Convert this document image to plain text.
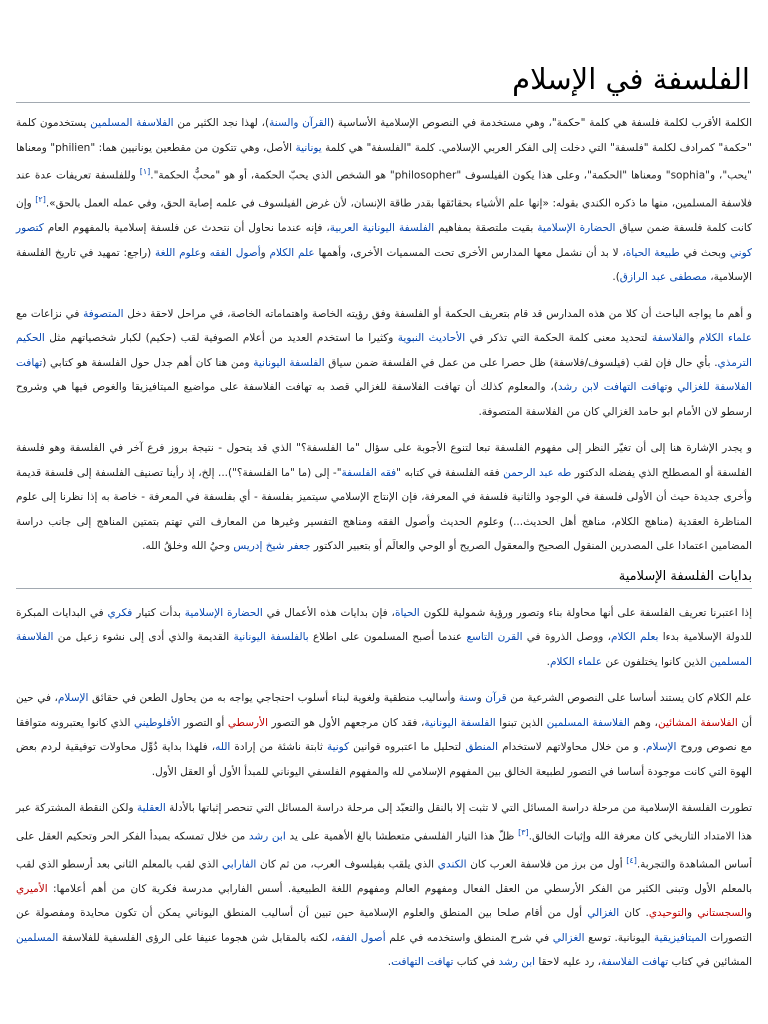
الفلسفة في الإسلام

الكلمة الأقرب لكلمة فلسفة هي كلمة "حكمة"، وهي مستخدمة في النصوص الإسلامية الأساسية (القرآن والسنة)، لهذا نجد الكثير من الفلاسفة المسلمين يستخدمون كلمة "حكمة" كمرادف لكلمة "فلسفة" التي دخلت إلى الفكر العربي الإسلامي. كلمة "الفلسفة" هي كلمة يونانية الأصل، وهي تتكون من مقطعين يونانيين هما: "philien" ومعناها "يحب"، و"sophia" ومعناها "الحكمة"، وعلى هذا يكون الفيلسوف "philosopher" هو الشخص الذي يحبّ الحكمة، أو هو "محبُّ الحكمة".[١] وللفلسفة تعريفات عدة عند فلاسفة المسلمين، منها ما ذكره الكندي بقوله: «إنها علم الأشياء بحقائقها بقدر طاقة الإنسان، لأن غرض الفيلسوف في علمه إصابة الحق، وفي عمله العمل بالحق».[٢] وإن كانت كلمة فلسفة ضمن سياق الحضارة الإسلامية بقيت ملتصقة بمفاهيم الفلسفة اليونانية العربية، فإنه عندما نحاول أن نتحدث عن فلسفة إسلامية بالمفهوم العام كتصور كوني وبحث في طبيعة الحياة، لا بد أن نشمل معها المدارس الأخرى تحت المسميات الأخرى، وأهمها علم الكلام وأصول الفقه وعلوم اللغة (راجع: تمهيد في تاريخ الفلسفة الإسلامية، مصطفى عبد الرازق).

و أهم ما يواجه الباحث أن كلا من هذه المدارس قد قام بتعريف الحكمة أو الفلسفة وفق رؤيته الخاصة واهتماماته الخاصة، في مراحل لاحقة دخل المتصوفة في نزاعات مع علماء الكلام والفلاسفة لتحديد معنى كلمة الحكمة التي تذكر في الأحاديث النبوية وكثيرا ما استخدم العديد من أعلام الصوفية لقب (حكيم) لكبار شخصياتهم مثل الحكيم الترمذي. بأي حال فإن لقب (فيلسوف/فلاسفة) ظل حصرا على من عمل في الفلسفة ضمن سياق الفلسفة اليونانية ومن هنا كان أهم جدل حول الفلسفة هو كتابي (تهافت الفلاسفة للغزالي وتهافت التهافت لابن رشد)، والمعلوم كذلك أن تهافت الفلاسفة للغزالي قصد به تهافت الفلاسفة على مواضيع الميتافيزيقا والغوص فيها هي وشروح ارسطو لان الأمام ابو حامد الغزالي كان من الفلاسفة المتصوفة.

و يجدر الإشارة هنا إلى أن تغيّر النظر إلى مفهوم الفلسفة تبعا لتنوع الأجوبة على سؤال "ما الفلسفة؟" الذي قد يتحول - نتيجة بروز فرع آخر في الفلسفة وهو فلسفة الفلسفة أو المصطلح الذي يفضله الدكتور طه عبد الرحمن فقه الفلسفة في كتابه "فقه الفلسفة"- إلى (ما "ما الفلسفة؟")... إلخ، إذ رأينا تصنيف الفلسفة إلى فلسفة قديمة وأخرى جديدة حيث أن الأولى فلسفة في الوجود والثانية فلسفة في المعرفة، فإن الإنتاج الإسلامي سيتميز بفلسفة - أي بفلسفة في المعرفة - خاصة به إذا نظرنا إلى علوم المناظرة العقدية (مناهج الكلام، مناهج أهل الحديث...) وعلوم الحديث وأصول الفقه ومناهج التفسير وغيرها من المعارف التي تهتم بتمتين المناهج إلى جانب دراسة المضامين اعتمادا على المصدرين المنقول الصحيح والمعقول الصريح أو الوحي والعالَم أو بتعبير الدكتور جعفر شيخ إدريس وحيُ الله وخلقُ الله.

بدايات الفلسفة الإسلامية

إذا اعتبرنا تعريف الفلسفة على أنها محاولة بناء وتصور ورؤية شمولية للكون الحياة، فإن بدايات هذه الأعمال في الحضارة الإسلامية بدأت كتيار فكري في البدايات المبكرة للدولة الإسلامية بدءا بعلم الكلام، ووصل الذروة في القرن التاسع عندما أصبح المسلمون على اطلاع بالفلسفة اليونانية القديمة والذي أدى إلى نشوء زعيل من الفلاسفة المسلمين الذين كانوا يختلفون عن علماء الكلام.

علم الكلام كان يستند أساسا على النصوص الشرعية من قرآن وسنة وأساليب منطقية ولغوية لبناء أسلوب احتجاجي يواجه به من يحاول الطعن في حقائق الإسلام، في حين أن الفلاسفة المشائين، وهم الفلاسفة المسلمين الذين تبنوا الفلسفة اليونانية، فقد كان مرجعهم الأول هو التصور الأرسطي أو التصور الأفلوطيني الذي كانوا يعتبرونه متوافقا مع نصوص وروح الإسلام. و من خلال محاولاتهم لاستخدام المنطق لتحليل ما اعتبروه قوانين كونية ثابتة ناشئة من إرادة الله، فلهذا بداية دُوِّل محاولات توفيقية لردم بعض الهوة التي كانت موجودة أساسا في التصور لطبيعة الخالق بين المفهوم الإسلامي لله والمفهوم الفلسفي اليوناني للمبدأ الأول أو العقل الأول.

تطورت الفلسفة الإسلامية من مرحلة دراسة المسائل التي لا تثبت إلا بالنقل والتعبّد إلى مرحلة دراسة المسائل التي تنحصر إثباتها بالأدلة العقلية ولكن النقطة المشتركة عبر هذا الامتداد التاريخي كان معرفة الله وإثبات الخالق.[٣] ظلّ هذا التيار الفلسفي متعطشا بالغ الأهمية على يد ابن رشد من خلال تمسكه بمبدأ الفكر الحر وتحكيم العقل على أساس المشاهدة والتجربة.[٤] أول من برز من فلاسفة العرب كان الكندي الذي يلقب بفيلسوف العرب، من ثم كان الفارابي الذي لقب بالمعلم الثاني بعد أرسطو الذي لقب بالمعلم الأول وتبنى الكثير من الفكر الأرسطي من العقل الفعال ومفهوم العالم ومفهوم اللغة الطبيعية. أسس الفارابي مدرسة فكرية كان من أهم أعلامها: الأميري والسجستاني والتوحيدي. كان الغزالي أول من أقام صلحا بين المنطق والعلوم الإسلامية حين تبين أن أساليب المنطق اليوناني يمكن أن تكون محايدة ومفصولة عن التصورات الميتافيزيقية اليونانية. توسع الغزالي في شرح المنطق واستخدمه في علم أصول الفقه، لكنه بالمقابل شن هجوما عنيفا على الرؤى الفلسفية للفلاسفة المسلمين المشائين في كتاب تهافت الفلاسفة، رد عليه لاحقا ابن رشد في كتاب تهافت التهافت.
